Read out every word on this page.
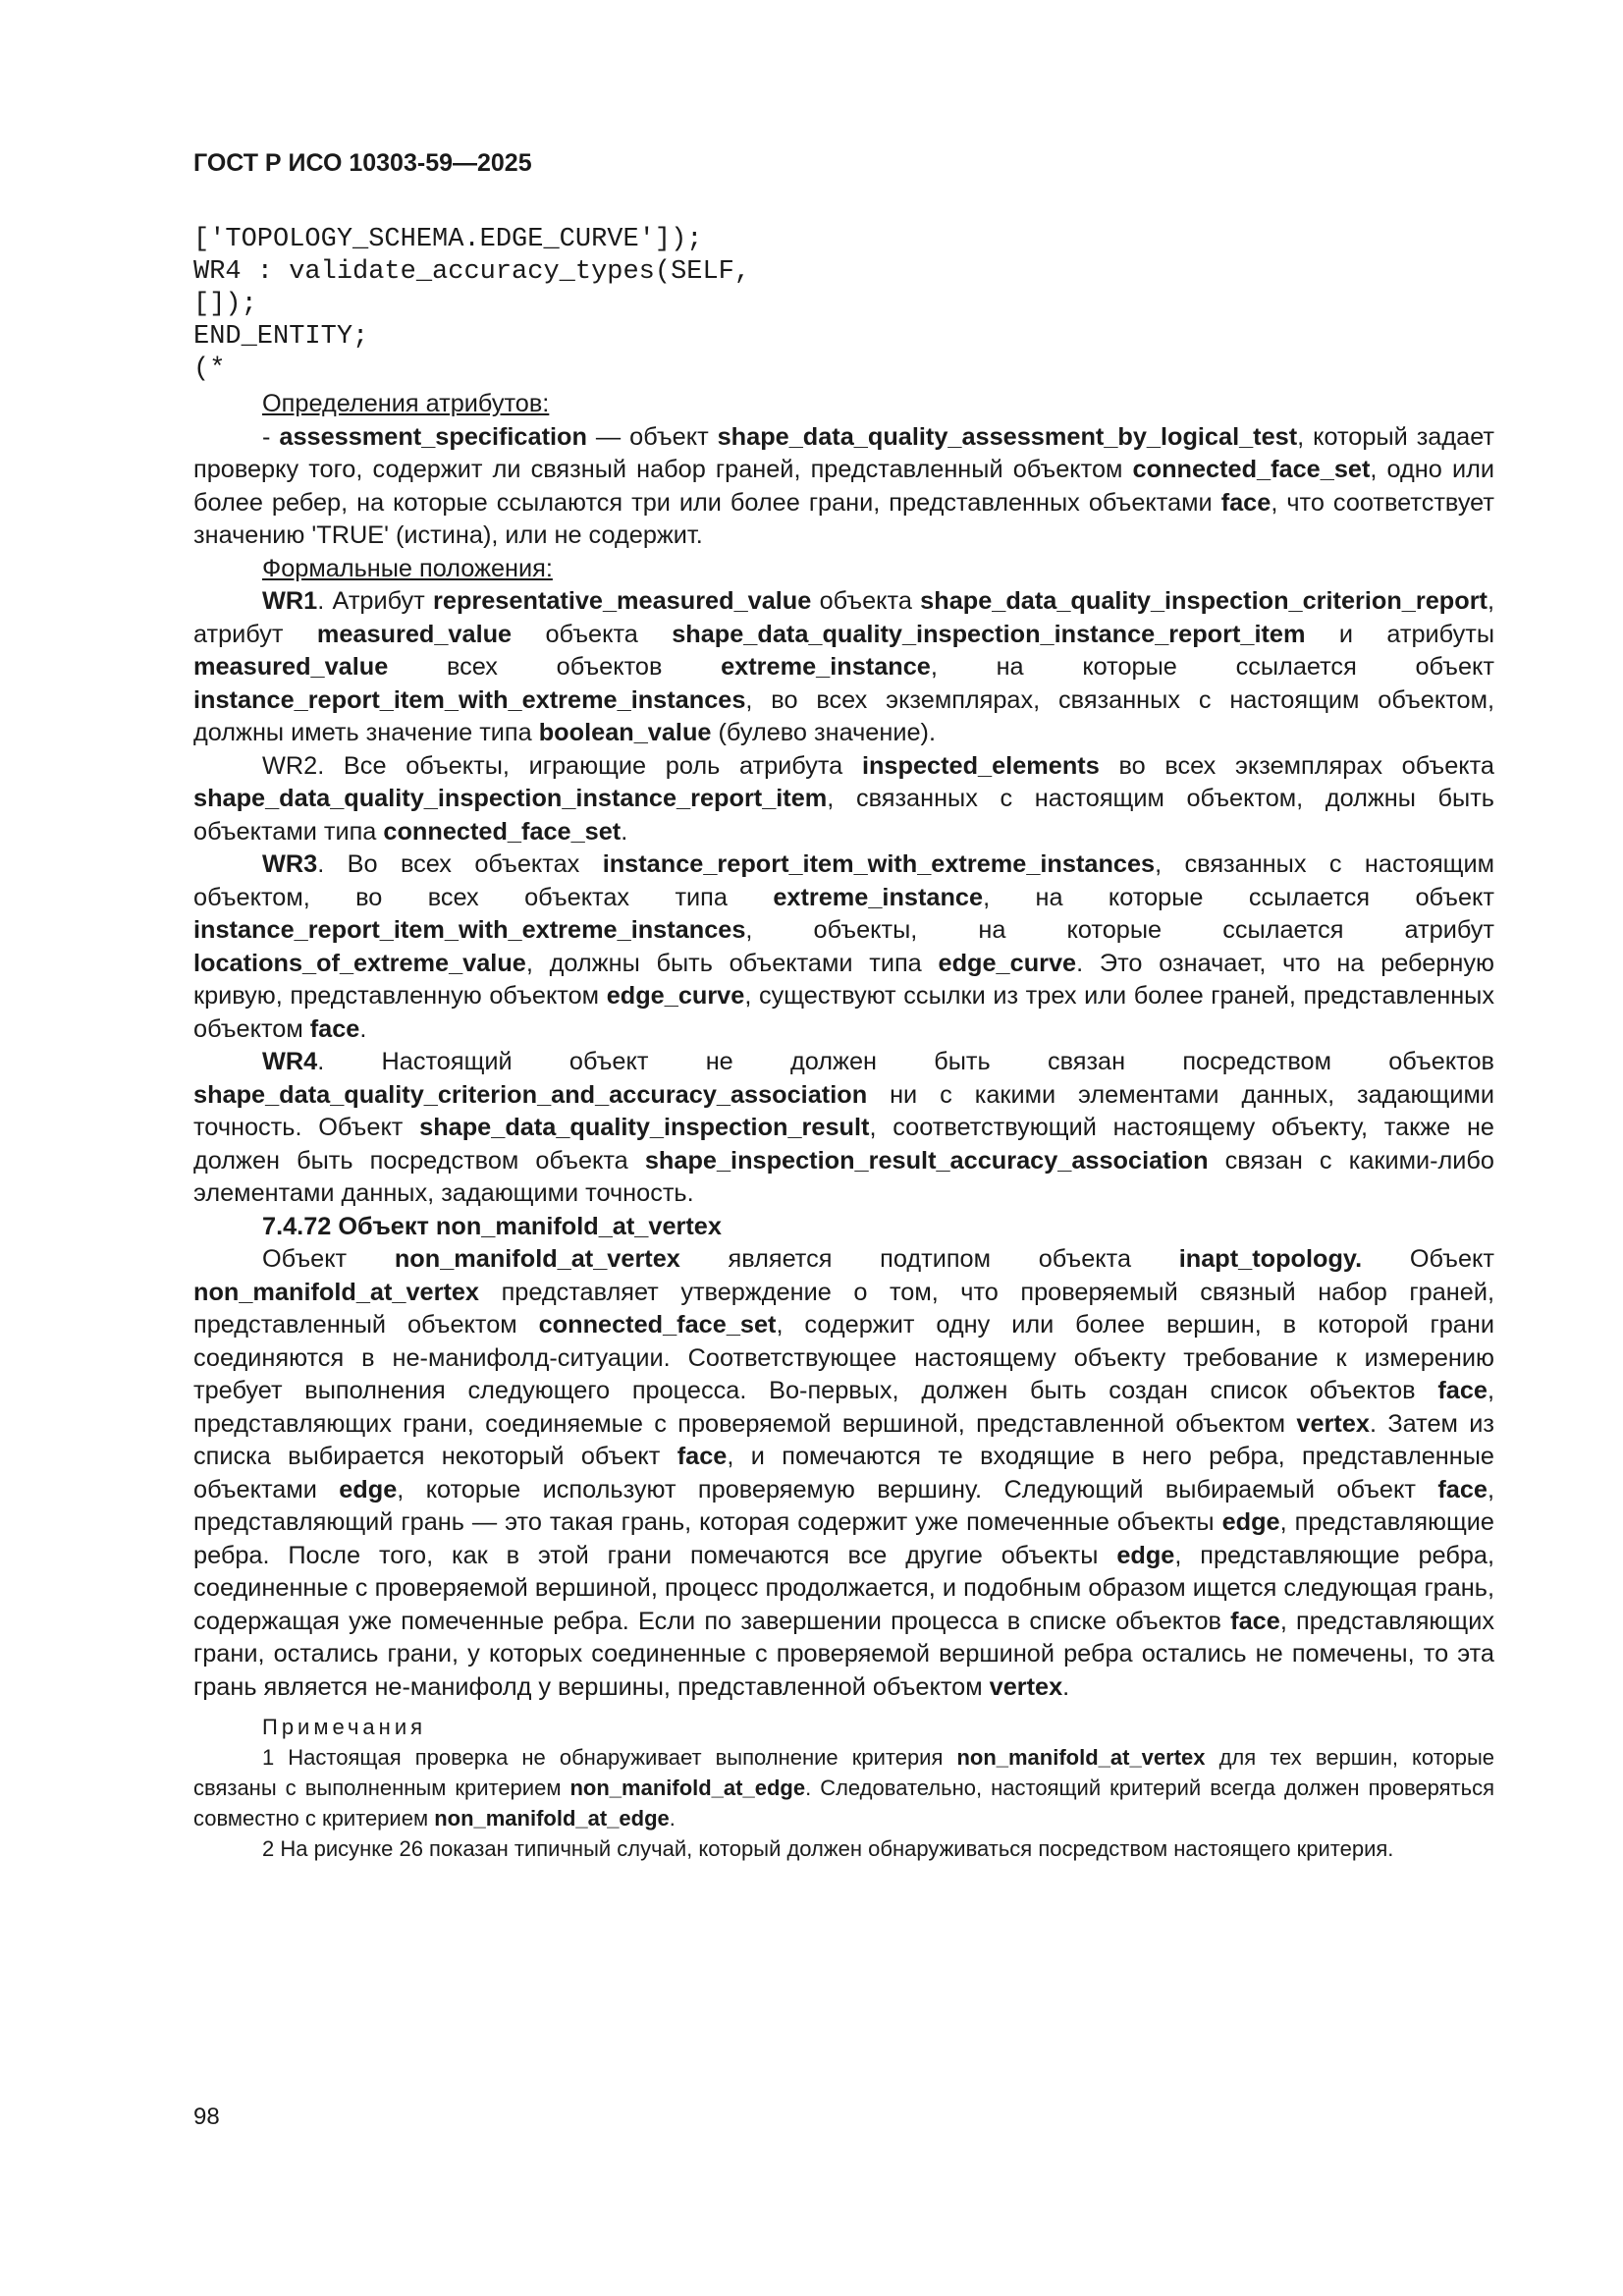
ГОСТ Р ИСО 10303-59—2025
['TOPOLOGY_SCHEMA.EDGE_CURVE']);
WR4 : validate_accuracy_types(SELF,
[]);
END_ENTITY;
(*
Определения атрибутов:

- assessment_specification — объект shape_data_quality_assessment_by_logical_test, который задает проверку того, содержит ли связный набор граней, представленный объектом connected_face_set, одно или более ребер, на которые ссылаются три или более грани, представленных объектами face, что соответствует значению 'TRUE' (истина), или не содержит.

Формальные положения:

WR1. Атрибут representative_measured_value объекта shape_data_quality_inspection_criterion_report, атрибут measured_value объекта shape_data_quality_inspection_instance_report_item и атрибуты measured_value всех объектов extreme_instance, на которые ссылается объект instance_report_item_with_extreme_instances, во всех экземплярах, связанных с настоящим объектом, должны иметь значение типа boolean_value (булево значение).

WR2. Все объекты, играющие роль атрибута inspected_elements во всех экземплярах объекта shape_data_quality_inspection_instance_report_item, связанных с настоящим объектом, должны быть объектами типа connected_face_set.

WR3. Во всех объектах instance_report_item_with_extreme_instances, связанных с настоящим объектом, во всех объектах типа extreme_instance, на которые ссылается объект instance_report_item_with_extreme_instances, объекты, на которые ссылается атрибут locations_of_extreme_value, должны быть объектами типа edge_curve. Это означает, что на реберную кривую, представленную объектом edge_curve, существуют ссылки из трех или более граней, представленных объектом face.

WR4. Настоящий объект не должен быть связан посредством объектов shape_data_quality_criterion_and_accuracy_association ни с какими элементами данных, задающими точность. Объект shape_data_quality_inspection_result, соответствующий настоящему объекту, также не должен быть посредством объекта shape_inspection_result_accuracy_association связан с какими-либо элементами данных, задающими точность.

7.4.72 Объект non_manifold_at_vertex

Объект non_manifold_at_vertex является подтипом объекта inapt_topology. Объект non_manifold_at_vertex представляет утверждение о том, что проверяемый связный набор граней, представленный объектом connected_face_set, содержит одну или более вершин, в которой грани соединяются в не-манифолд-ситуации. Соответствующее настоящему объекту требование к измерению требует выполнения следующего процесса. Во-первых, должен быть создан список объектов face, представляющих грани, соединяемые с проверяемой вершиной, представленной объектом vertex. Затем из списка выбирается некоторый объект face, и помечаются те входящие в него ребра, представленные объектами edge, которые используют проверяемую вершину. Следующий выбираемый объект face, представляющий грань — это такая грань, которая содержит уже помеченные объекты edge, представляющие ребра. После того, как в этой грани помечаются все другие объекты edge, представляющие ребра, соединенные с проверяемой вершиной, процесс продолжается, и подобным образом ищется следующая грань, содержащая уже помеченные ребра. Если по завершении процесса в списке объектов face, представляющих грани, остались грани, у которых соединенные с проверяемой вершиной ребра остались не помечены, то эта грань является не-манифолд у вершины, представленной объектом vertex.

Примечания

1 Настоящая проверка не обнаруживает выполнение критерия non_manifold_at_vertex для тех вершин, которые связаны с выполненным критерием non_manifold_at_edge. Следовательно, настоящий критерий всегда должен проверяться совместно с критерием non_manifold_at_edge.

2 На рисунке 26 показан типичный случай, который должен обнаруживаться посредством настоящего критерия.

98
